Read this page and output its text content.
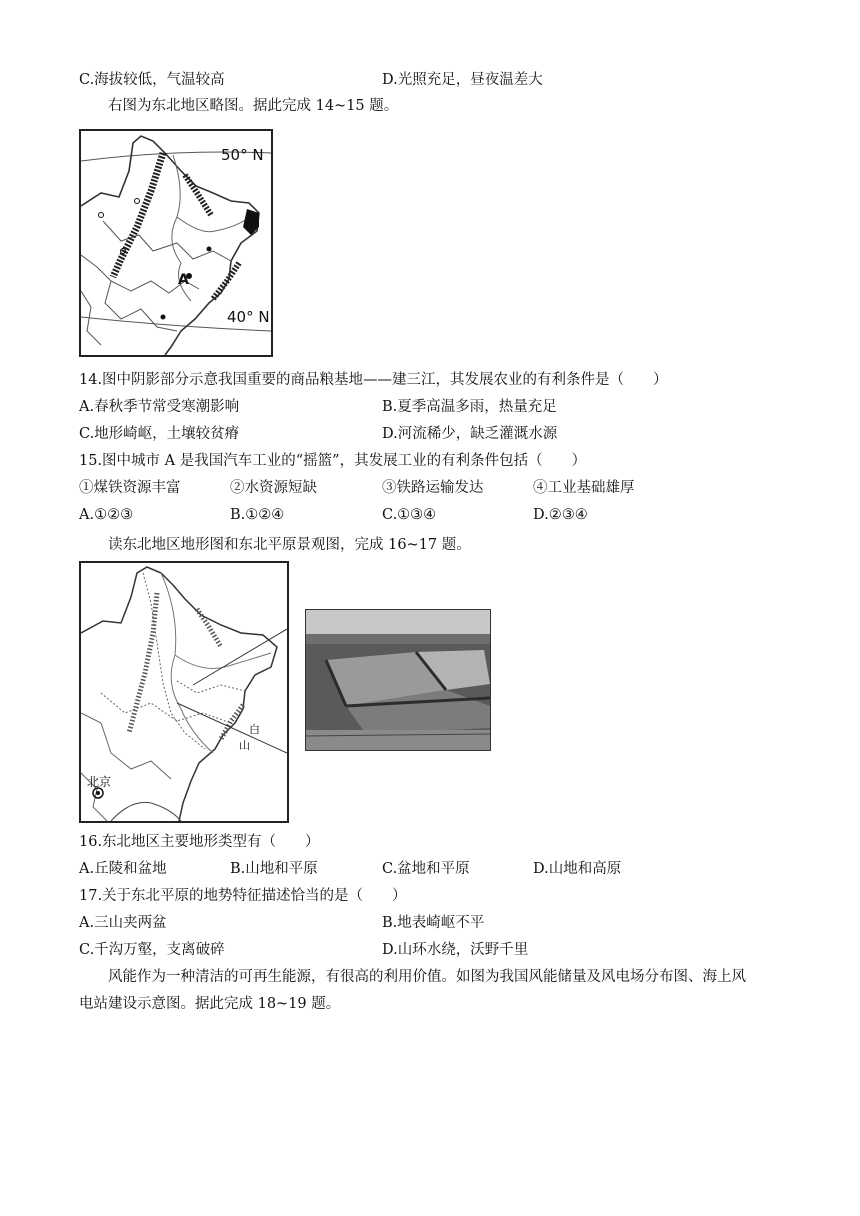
C.海拔较低，气温较高	D.光照充足，昼夜温差大
右图为东北地区略图。据此完成 14~15 题。
50° N
40° N
A
14.图中阴影部分示意我国重要的商品粮基地——建三江，其发展农业的有利条件是（　　）
A.春秋季节常受寒潮影响	B.夏季高温多雨，热量充足
C.地形崎岖，土壤较贫瘠	D.河流稀少，缺乏灌溉水源
15.图中城市 A 是我国汽车工业的“摇篮”，其发展工业的有利条件包括（　　）
①煤铁资源丰富	②水资源短缺	③铁路运输发达	④工业基础雄厚
A.①②③	B.①②④	C.①③④	D.②③④
读东北地区地形图和东北平原景观图，完成 16~17 题。
北京
白
山
16.东北地区主要地形类型有（　　）
A.丘陵和盆地	B.山地和平原	C.盆地和平原	D.山地和高原
17.关于东北平原的地势特征描述恰当的是（　　）
A.三山夹两盆	B.地表崎岖不平
C.千沟万壑，支离破碎	D.山环水绕，沃野千里
风能作为一种清洁的可再生能源，有很高的利用价值。如图为我国风能储量及风电场分布图、海上风
电站建设示意图。据此完成 18~19 题。
